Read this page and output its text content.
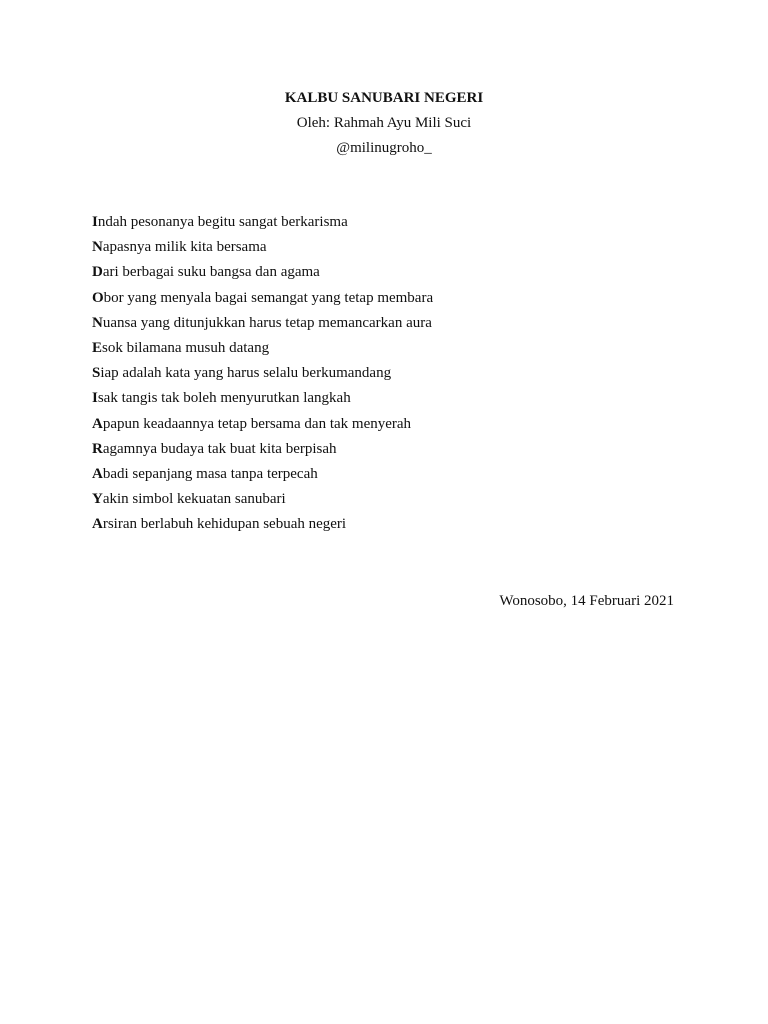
KALBU SANUBARI NEGERI
Oleh: Rahmah Ayu Mili Suci
@milinugroho_
Indah pesonanya begitu sangat berkarisma
Napasnya milik kita bersama
Dari berbagai suku bangsa dan agama
Obor yang menyala bagai semangat yang tetap membara
Nuansa yang ditunjukkan harus tetap memancarkan aura
Esok bilamana musuh datang
Siap adalah kata yang harus selalu berkumandang
Isak tangis tak boleh menyurutkan langkah
Apapun keadaannya tetap bersama dan tak menyerah
Ragamnya budaya tak buat kita berpisah
Abadi sepanjang masa tanpa terpecah
Yakin simbol kekuatan sanubari
Arsiran berlabuh kehidupan sebuah negeri
Wonosobo, 14 Februari 2021
